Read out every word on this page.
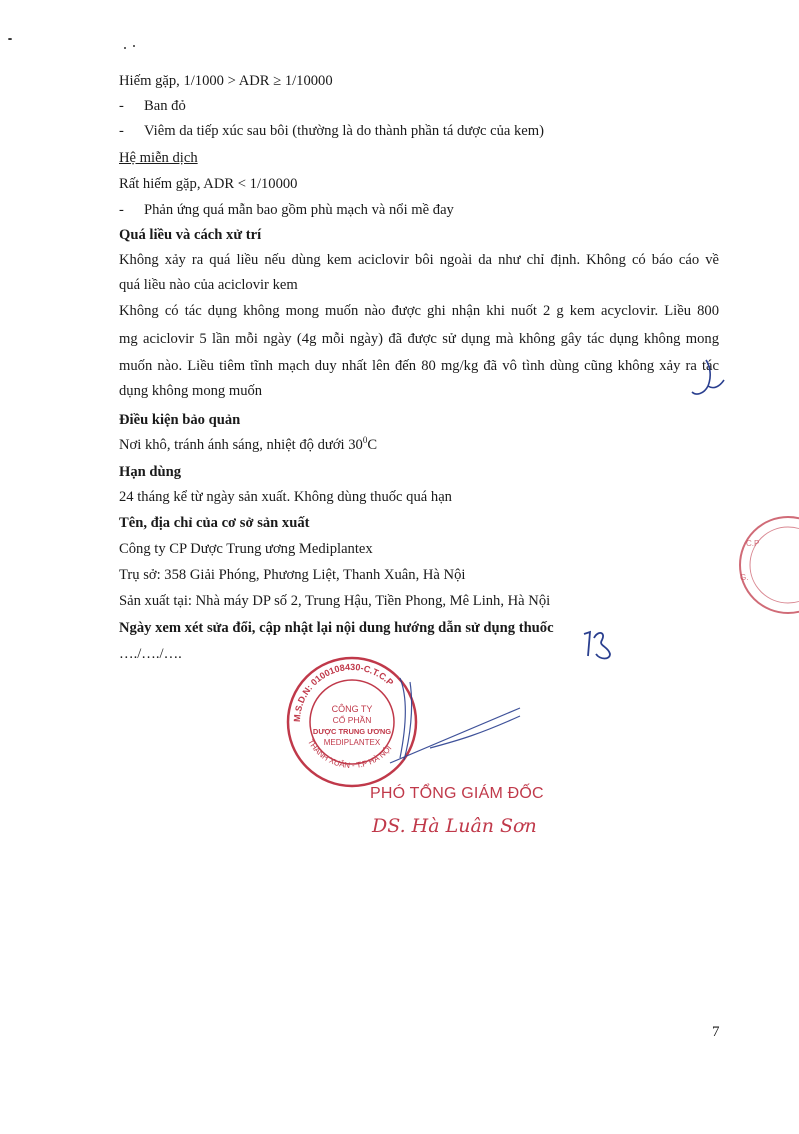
Hiếm gặp, 1/1000 > ADR ≥ 1/10000
- Ban đỏ
- Viêm da tiếp xúc sau bôi (thường là do thành phần tá dược của kem)
Hệ miễn dịch
Rất hiếm gặp, ADR < 1/10000
- Phản ứng quá mẫn bao gồm phù mạch và nổi mề đay
Quá liều và cách xử trí
Không xảy ra quá liều nếu dùng kem aciclovir bôi ngoài da như chỉ định. Không có báo cáo về
quá liều nào của aciclovir kem
Không có tác dụng không mong muốn nào được ghi nhận khi nuốt 2 g kem acyclovir. Liều 800
mg aciclovir 5 lần mỗi ngày (4g mỗi ngày) đã được sử dụng mà không gây tác dụng không mong
muốn nào. Liều tiêm tĩnh mạch duy nhất lên đến 80 mg/kg đã vô tình dùng cũng không xảy ra tác
dụng không mong muốn
Điều kiện bảo quản
Nơi khô, tránh ánh sáng, nhiệt độ dưới $30^0C$
Hạn dùng
24 tháng kể từ ngày sản xuất. Không dùng thuốc quá hạn
Tên, địa chỉ của cơ sở sản xuất
Công ty CP Dược Trung ương Mediplantex
Trụ sở: 358 Giải Phóng, Phương Liệt, Thanh Xuân, Hà Nội
Sản xuất tại: Nhà máy DP số 2, Trung Hậu, Tiền Phong, Mê Linh, Hà Nội
Ngày xem xét sửa đổi, cập nhật lại nội dung hướng dẫn sử dụng thuốc
…./…./….
C.P
G.
M.S.D.N: 0100108430-C.T.C.P
THANH XUÂN - T.P HÀ NỘI
CÔNG TY
CỔ PHẦN
DƯỢC TRUNG ƯƠNG
MEDIPLANTEX
PHÓ TỔNG GIÁM ĐỐC
DS. Hà Luân Sơn
7
